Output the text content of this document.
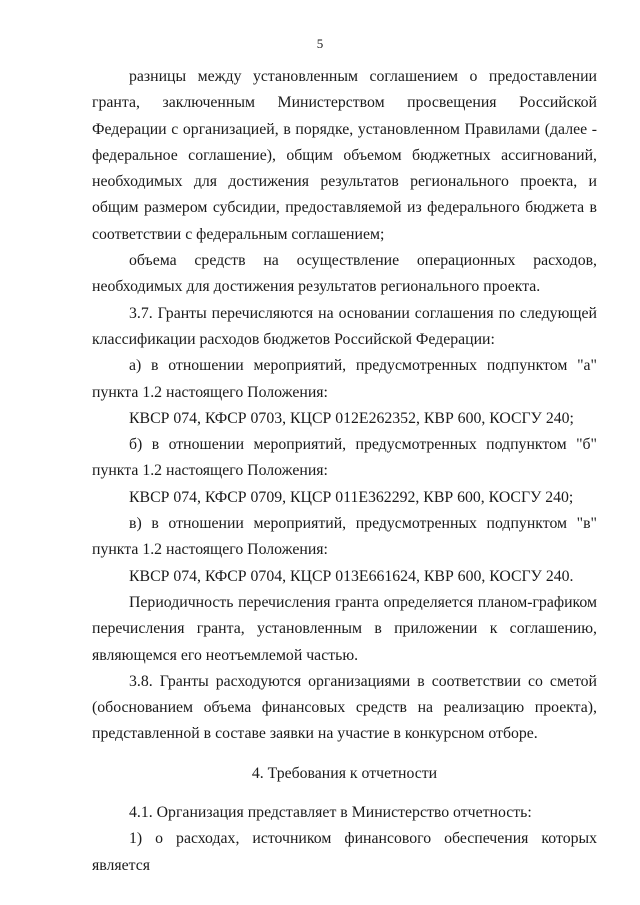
5

разницы между установленным соглашением о предоставлении гранта, заключенным Министерством просвещения Российской Федерации с организацией, в порядке, установленном Правилами (далее - федеральное соглашение), общим объемом бюджетных ассигнований, необходимых для достижения результатов регионального проекта, и общим размером субсидии, предоставляемой из федерального бюджета в соответствии с федеральным соглашением;

объема средств на осуществление операционных расходов, необходимых для достижения результатов регионального проекта.

3.7. Гранты перечисляются на основании соглашения по следующей классификации расходов бюджетов Российской Федерации:

а) в отношении мероприятий, предусмотренных подпунктом "а" пункта 1.2 настоящего Положения:

КВСР 074, КФСР 0703, КЦСР 012E262352, КВР 600, КОСГУ 240;

б) в отношении мероприятий, предусмотренных подпунктом "б" пункта 1.2 настоящего Положения:

КВСР 074, КФСР 0709, КЦСР 011E362292, КВР 600, КОСГУ 240;

в) в отношении мероприятий, предусмотренных подпунктом "в" пункта 1.2 настоящего Положения:

КВСР 074, КФСР 0704, КЦСР 013E661624, КВР 600, КОСГУ 240.

Периодичность перечисления гранта определяется планом-графиком перечисления гранта, установленным в приложении к соглашению, являющемся его неотъемлемой частью.

3.8. Гранты расходуются организациями в соответствии со сметой (обоснованием объема финансовых средств на реализацию проекта), представленной в составе заявки на участие в конкурсном отборе.

4. Требования к отчетности

4.1. Организация представляет в Министерство отчетность:

1) о расходах, источником финансового обеспечения которых является
